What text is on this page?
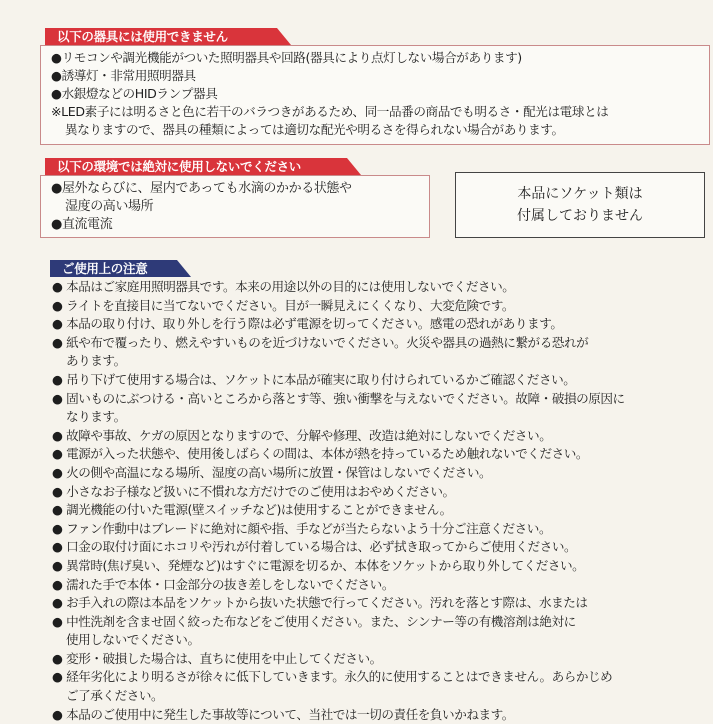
以下の器具には使用できません
●リモコンや調光機能がついた照明器具や回路(器具により点灯しない場合があります)
●誘導灯・非常用照明器具
●水銀燈などのHIDランプ器具
※LED素子には明るさと色に若干のバラつきがあるため、同一品番の商品でも明るさ・配光は電球とは
異なりますので、器具の種類によっては適切な配光や明るさを得られない場合があります。
以下の環境では絶対に使用しないでください
●屋外ならびに、屋内であっても水滴のかかる状態や
湿度の高い場所
●直流電流
本品にソケット類は
付属しておりません
ご使用上の注意
● 本品はご家庭用照明器具です。本来の用途以外の目的には使用しないでください。
● ライトを直接目に当てないでください。目が一瞬見えにくくなり、大変危険です。
● 本品の取り付け、取り外しを行う際は必ず電源を切ってください。感電の恐れがあります。
● 紙や布で覆ったり、燃えやすいものを近づけないでください。火災や器具の過熱に繋がる恐れが
あります。
● 吊り下げて使用する場合は、ソケットに本品が確実に取り付けられているかご確認ください。
● 固いものにぶつける・高いところから落とす等、強い衝撃を与えないでください。故障・破損の原因に
なります。
● 故障や事故、ケガの原因となりますので、分解や修理、改造は絶対にしないでください。
● 電源が入った状態や、使用後しばらくの間は、本体が熱を持っているため触れないでください。
● 火の側や高温になる場所、湿度の高い場所に放置・保管はしないでください。
● 小さなお子様など扱いに不慣れな方だけでのご使用はおやめください。
● 調光機能の付いた電源(壁スイッチなど)は使用することができません。
● ファン作動中はブレードに絶対に顔や指、手などが当たらないよう十分ご注意ください。
● 口金の取付け面にホコリや汚れが付着している場合は、必ず拭き取ってからご使用ください。
● 異常時(焦げ臭い、発煙など)はすぐに電源を切るか、本体をソケットから取り外してください。
● 濡れた手で本体・口金部分の抜き差しをしないでください。
● お手入れの際は本品をソケットから抜いた状態で行ってください。汚れを落とす際は、水または
● 中性洗剤を含ませ固く絞った布などをご使用ください。また、シンナー等の有機溶剤は絶対に
使用しないでください。
● 変形・破損した場合は、直ちに使用を中止してください。
● 経年劣化により明るさが徐々に低下していきます。永久的に使用することはできません。あらかじめ
ご了承ください。
● 本品のご使用中に発生した事故等について、当社では一切の責任を負いかねます。
